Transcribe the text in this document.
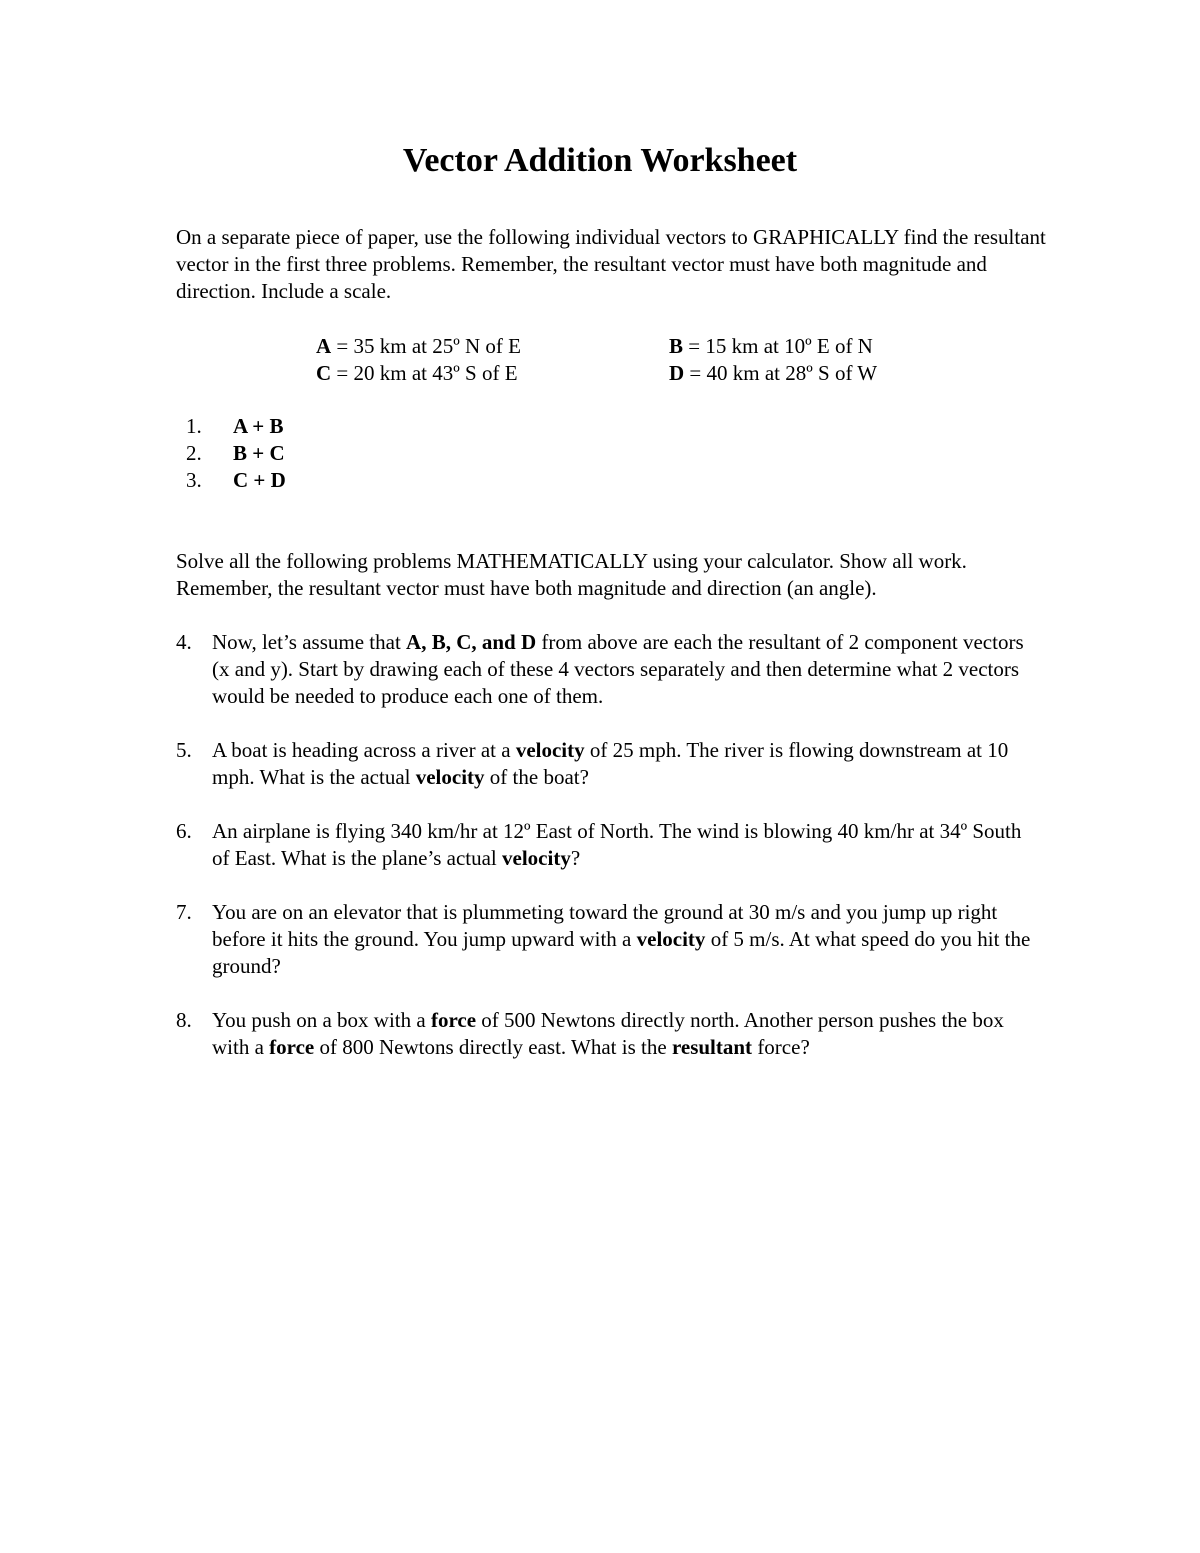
Vector Addition Worksheet

On a separate piece of paper, use the following individual vectors to GRAPHICALLY find the resultant vector in the first three problems. Remember, the resultant vector must have both magnitude and direction. Include a scale.

A = 35 km at 25º N of E	B = 15 km at 10º E of N
C = 20 km at 43º S of E	D = 40 km at 28º S of W
1. A + B
2. B + C
3. C + D

Solve all the following problems MATHEMATICALLY using your calculator. Show all work. Remember, the resultant vector must have both magnitude and direction (an angle).

4. Now, let’s assume that A, B, C, and D from above are each the resultant of 2 component vectors (x and y). Start by drawing each of these 4 vectors separately and then determine what 2 vectors would be needed to produce each one of them.
5. A boat is heading across a river at a velocity of 25 mph. The river is flowing downstream at 10 mph. What is the actual velocity of the boat?
6. An airplane is flying 340 km/hr at 12º East of North. The wind is blowing 40 km/hr at 34º South of East. What is the plane’s actual velocity?
7. You are on an elevator that is plummeting toward the ground at 30 m/s and you jump up right before it hits the ground. You jump upward with a velocity of 5 m/s. At what speed do you hit the ground?
8. You push on a box with a force of 500 Newtons directly north. Another person pushes the box with a force of 800 Newtons directly east. What is the resultant force?
